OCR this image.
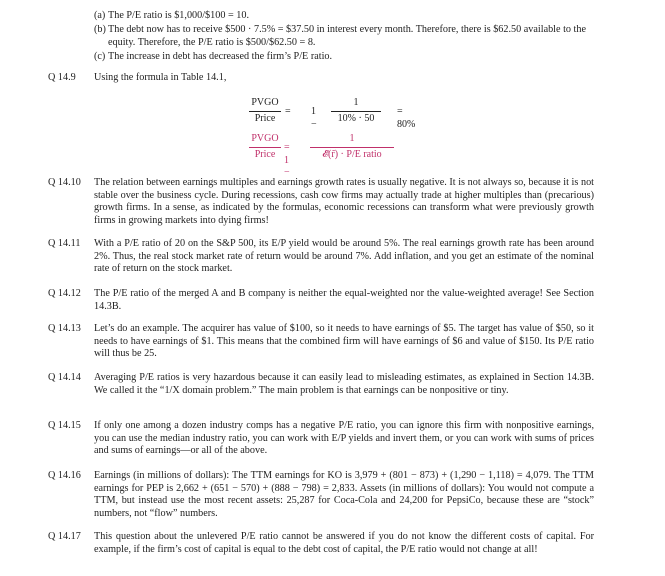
(a) The P/E ratio is $1,000/$100 = 10.
(b) The debt now has to receive $500 · 7.5% = $37.50 in interest every month. Therefore, there is $62.50 available to the equity. Therefore, the P/E ratio is $500/$62.50 = 8.
(c) The increase in debt has decreased the firm’s P/E ratio.
Q 14.9 Using the formula in Table 14.1,
PVGO
Price
= 1 −
1
10% · 50
= 80%
PVGO
Price
= 1 −
1
𝓔(r̃) · P/E ratio
Q 14.10 The relation between earnings multiples and earnings growth rates is usually negative. It is not always so, because it is not stable over the business cycle. During recessions, cash cow firms may actually trade at higher multiples than (precarious) growth firms. In a sense, as indicated by the formulas, economic recessions can transform what were previously growth firms in growing markets into dying firms!
Q 14.11 With a P/E ratio of 20 on the S&P 500, its E/P yield would be around 5%. The real earnings growth rate has been around 2%. Thus, the real stock market rate of return would be around 7%. Add inflation, and you get an estimate of the nominal rate of return on the stock market.
Q 14.12 The P/E ratio of the merged A and B company is neither the equal-weighted nor the value-weighted average! See Section 14.3B.
Q 14.13 Let’s do an example. The acquirer has value of $100, so it needs to have earnings of $5. The target has value of $50, so it needs to have earnings of $1. This means that the combined firm will have earnings of $6 and value of $150. Its P/E ratio will thus be 25.
Q 14.14 Averaging P/E ratios is very hazardous because it can easily lead to misleading estimates, as explained in Section 14.3B. We called it the “1/X domain problem.” The main problem is that earnings can be nonpositive or tiny.
Q 14.15 If only one among a dozen industry comps has a negative P/E ratio, you can ignore this firm with nonpositive earnings, you can use the median industry ratio, you can work with E/P yields and invert them, or you can work with sums of prices and sums of earnings—or all of the above.
Q 14.16 Earnings (in millions of dollars): The TTM earnings for KO is 3,979 + (801 − 873) + (1,290 − 1,118) = 4,079. The TTM earnings for PEP is 2,662 + (651 − 570) + (888 − 798) = 2,833. Assets (in millions of dollars): You would not compute a TTM, but instead use the most recent assets: 25,287 for Coca-Cola and 24,200 for PepsiCo, because these are “stock” numbers, not “flow” numbers.
Q 14.17 This question about the unlevered P/E ratio cannot be answered if you do not know the different costs of capital. For example, if the firm’s cost of capital is equal to the debt cost of capital, the P/E ratio would not change at all!
